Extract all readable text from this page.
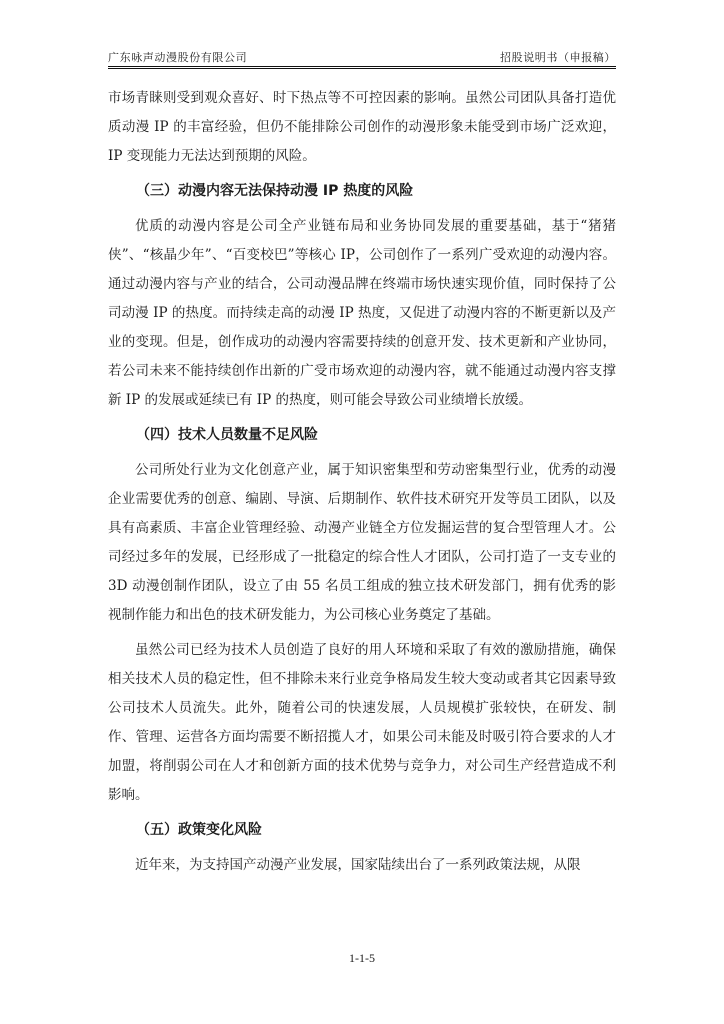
广东咏声动漫股份有限公司	招股说明书（申报稿）

市场青睐则受到观众喜好、时下热点等不可控因素的影响。虽然公司团队具备打造优质动漫 IP 的丰富经验，但仍不能排除公司创作的动漫形象未能受到市场广泛欢迎，IP 变现能力无法达到预期的风险。

（三）动漫内容无法保持动漫 IP 热度的风险

优质的动漫内容是公司全产业链布局和业务协同发展的重要基础，基于“猪猪侠”、“核晶少年”、“百变校巴”等核心 IP，公司创作了一系列广受欢迎的动漫内容。通过动漫内容与产业的结合，公司动漫品牌在终端市场快速实现价值，同时保持了公司动漫 IP 的热度。而持续走高的动漫 IP 热度，又促进了动漫内容的不断更新以及产业的变现。但是，创作成功的动漫内容需要持续的创意开发、技术更新和产业协同，若公司未来不能持续创作出新的广受市场欢迎的动漫内容，就不能通过动漫内容支撑新 IP 的发展或延续已有 IP 的热度，则可能会导致公司业绩增长放缓。

（四）技术人员数量不足风险

公司所处行业为文化创意产业，属于知识密集型和劳动密集型行业，优秀的动漫企业需要优秀的创意、编剧、导演、后期制作、软件技术研究开发等员工团队，以及具有高素质、丰富企业管理经验、动漫产业链全方位发掘运营的复合型管理人才。公司经过多年的发展，已经形成了一批稳定的综合性人才团队，公司打造了一支专业的 3D 动漫创制作团队，设立了由 55 名员工组成的独立技术研发部门，拥有优秀的影视制作能力和出色的技术研发能力，为公司核心业务奠定了基础。

虽然公司已经为技术人员创造了良好的用人环境和采取了有效的激励措施，确保相关技术人员的稳定性，但不排除未来行业竞争格局发生较大变动或者其它因素导致公司技术人员流失。此外，随着公司的快速发展，人员规模扩张较快，在研发、制作、管理、运营各方面均需要不断招揽人才，如果公司未能及时吸引符合要求的人才加盟，将削弱公司在人才和创新方面的技术优势与竞争力，对公司生产经营造成不利影响。

（五）政策变化风险

近年来，为支持国产动漫产业发展，国家陆续出台了一系列政策法规，从限

1-1-5
